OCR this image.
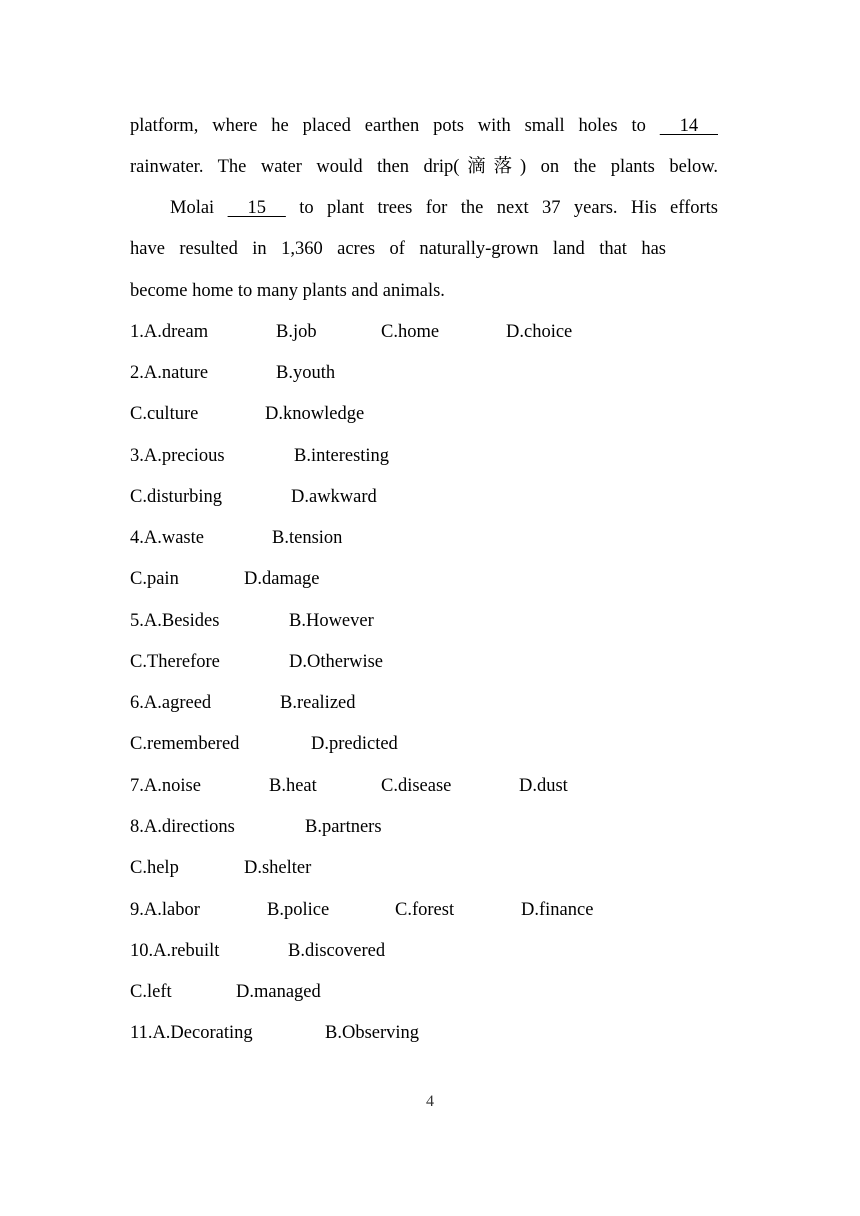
platform, where he placed earthen pots with small holes to    14
rainwater. The water would then drip(滴落) on the plants below.
Molai    15    to plant trees for the next 37 years. His efforts
have resulted in 1,360 acres of naturally-grown land that has
become home to many plants and animals.
1.A.dream	B.job	C.home	D.choice
2.A.nature	B.youth
C.culture	D.knowledge
3.A.precious	B.interesting
C.disturbing	D.awkward
4.A.waste	B.tension
C.pain	D.damage
5.A.Besides	B.However
C.Therefore	D.Otherwise
6.A.agreed	B.realized
C.remembered	D.predicted
7.A.noise	B.heat	C.disease	D.dust
8.A.directions	B.partners
C.help	D.shelter
9.A.labor	B.police	C.forest	D.finance
10.A.rebuilt	B.discovered
C.left	D.managed
11.A.Decorating	B.Observing
4
